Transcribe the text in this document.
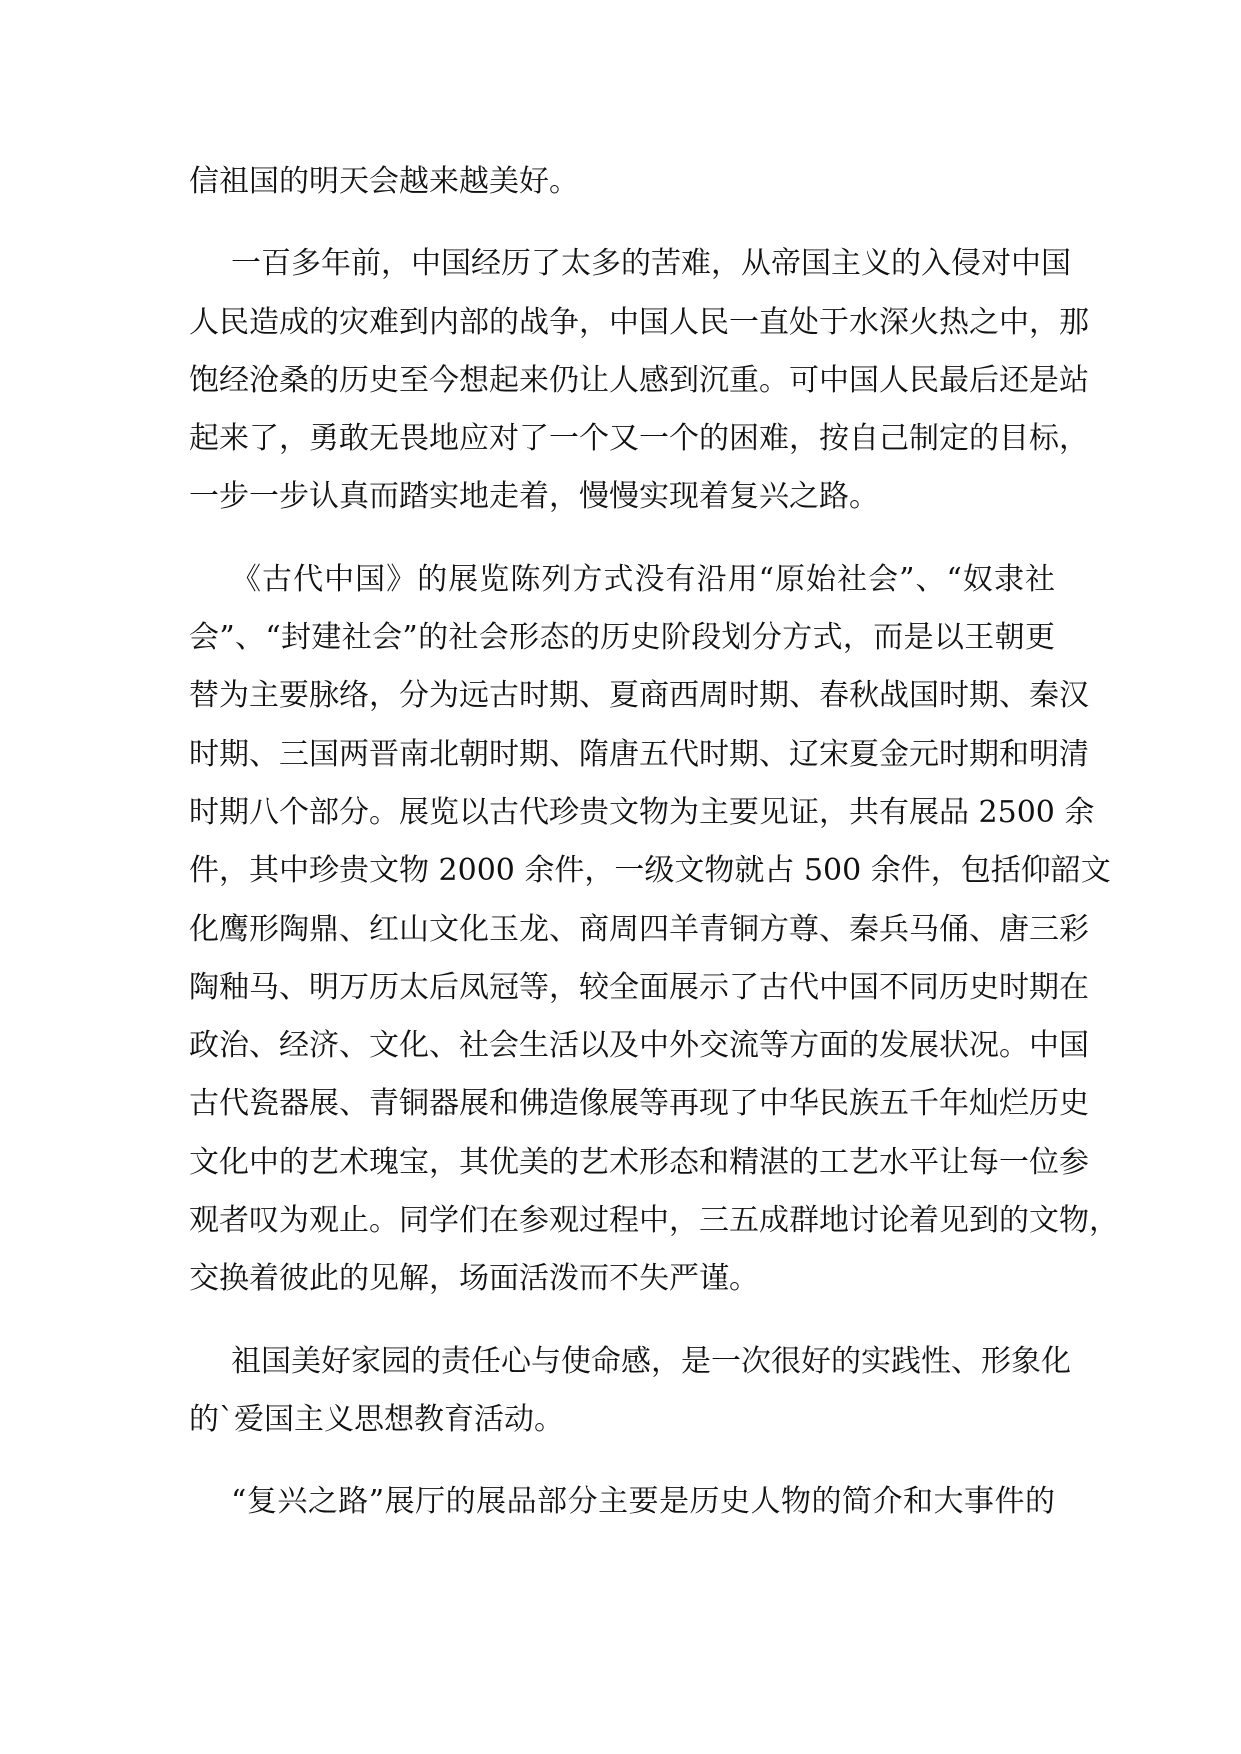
信祖国的明天会越来越美好。
一百多年前，中国经历了太多的苦难，从帝国主义的入侵对中国
人民造成的灾难到内部的战争，中国人民一直处于水深火热之中，那
饱经沧桑的历史至今想起来仍让人感到沉重。可中国人民最后还是站
起来了，勇敢无畏地应对了一个又一个的困难，按自己制定的目标，
一步一步认真而踏实地走着，慢慢实现着复兴之路。
《古代中国》的展览陈列方式没有沿用“原始社会”、“奴隶社
会”、“封建社会”的社会形态的历史阶段划分方式，而是以王朝更
替为主要脉络，分为远古时期、夏商西周时期、春秋战国时期、秦汉
时期、三国两晋南北朝时期、隋唐五代时期、辽宋夏金元时期和明清
时期八个部分。展览以古代珍贵文物为主要见证，共有展品 2500 余
件，其中珍贵文物 2000 余件，一级文物就占 500 余件，包括仰韶文
化鹰形陶鼎、红山文化玉龙、商周四羊青铜方尊、秦兵马俑、唐三彩
陶釉马、明万历太后凤冠等，较全面展示了古代中国不同历史时期在
政治、经济、文化、社会生活以及中外交流等方面的发展状况。中国
古代瓷器展、青铜器展和佛造像展等再现了中华民族五千年灿烂历史
文化中的艺术瑰宝，其优美的艺术形态和精湛的工艺水平让每一位参
观者叹为观止。同学们在参观过程中，三五成群地讨论着见到的文物，
交换着彼此的见解，场面活泼而不失严谨。
祖国美好家园的责任心与使命感，是一次很好的实践性、形象化
的`爱国主义思想教育活动。
“复兴之路”展厅的展品部分主要是历史人物的简介和大事件的
